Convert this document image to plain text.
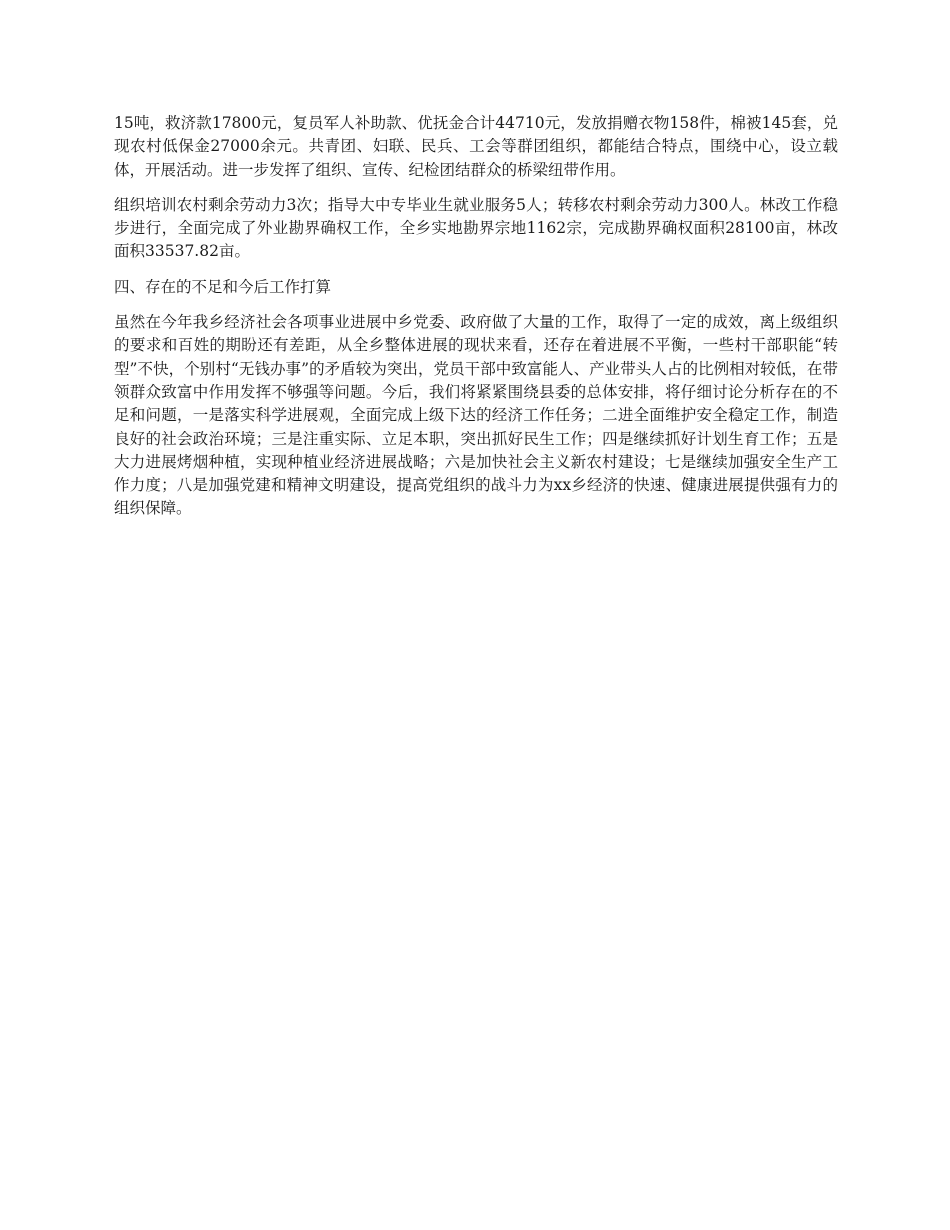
15吨，救济款17800元，复员军人补助款、优抚金合计44710元，发放捐赠衣物158件，棉被145套，兑现农村低保金27000余元。共青团、妇联、民兵、工会等群团组织，都能结合特点，围绕中心，设立载体，开展活动。进一步发挥了组织、宣传、纪检团结群众的桥梁纽带作用。

组织培训农村剩余劳动力3次；指导大中专毕业生就业服务5人；转移农村剩余劳动力300人。林改工作稳步进行，全面完成了外业勘界确权工作，全乡实地勘界宗地1162宗，完成勘界确权面积28100亩，林改面积33537.82亩。

四、存在的不足和今后工作打算

虽然在今年我乡经济社会各项事业进展中乡党委、政府做了大量的工作，取得了一定的成效，离上级组织的要求和百姓的期盼还有差距，从全乡整体进展的现状来看，还存在着进展不平衡，一些村干部职能“转型”不快，个别村“无钱办事”的矛盾较为突出，党员干部中致富能人、产业带头人占的比例相对较低，在带领群众致富中作用发挥不够强等问题。今后，我们将紧紧围绕县委的总体安排，将仔细讨论分析存在的不足和问题，一是落实科学进展观，全面完成上级下达的经济工作任务；二进全面维护安全稳定工作，制造良好的社会政治环境；三是注重实际、立足本职，突出抓好民生工作；四是继续抓好计划生育工作；五是大力进展烤烟种植，实现种植业经济进展战略；六是加快社会主义新农村建设；七是继续加强安全生产工作力度；八是加强党建和精神文明建设，提高党组织的战斗力为xx乡经济的快速、健康进展提供强有力的组织保障。
